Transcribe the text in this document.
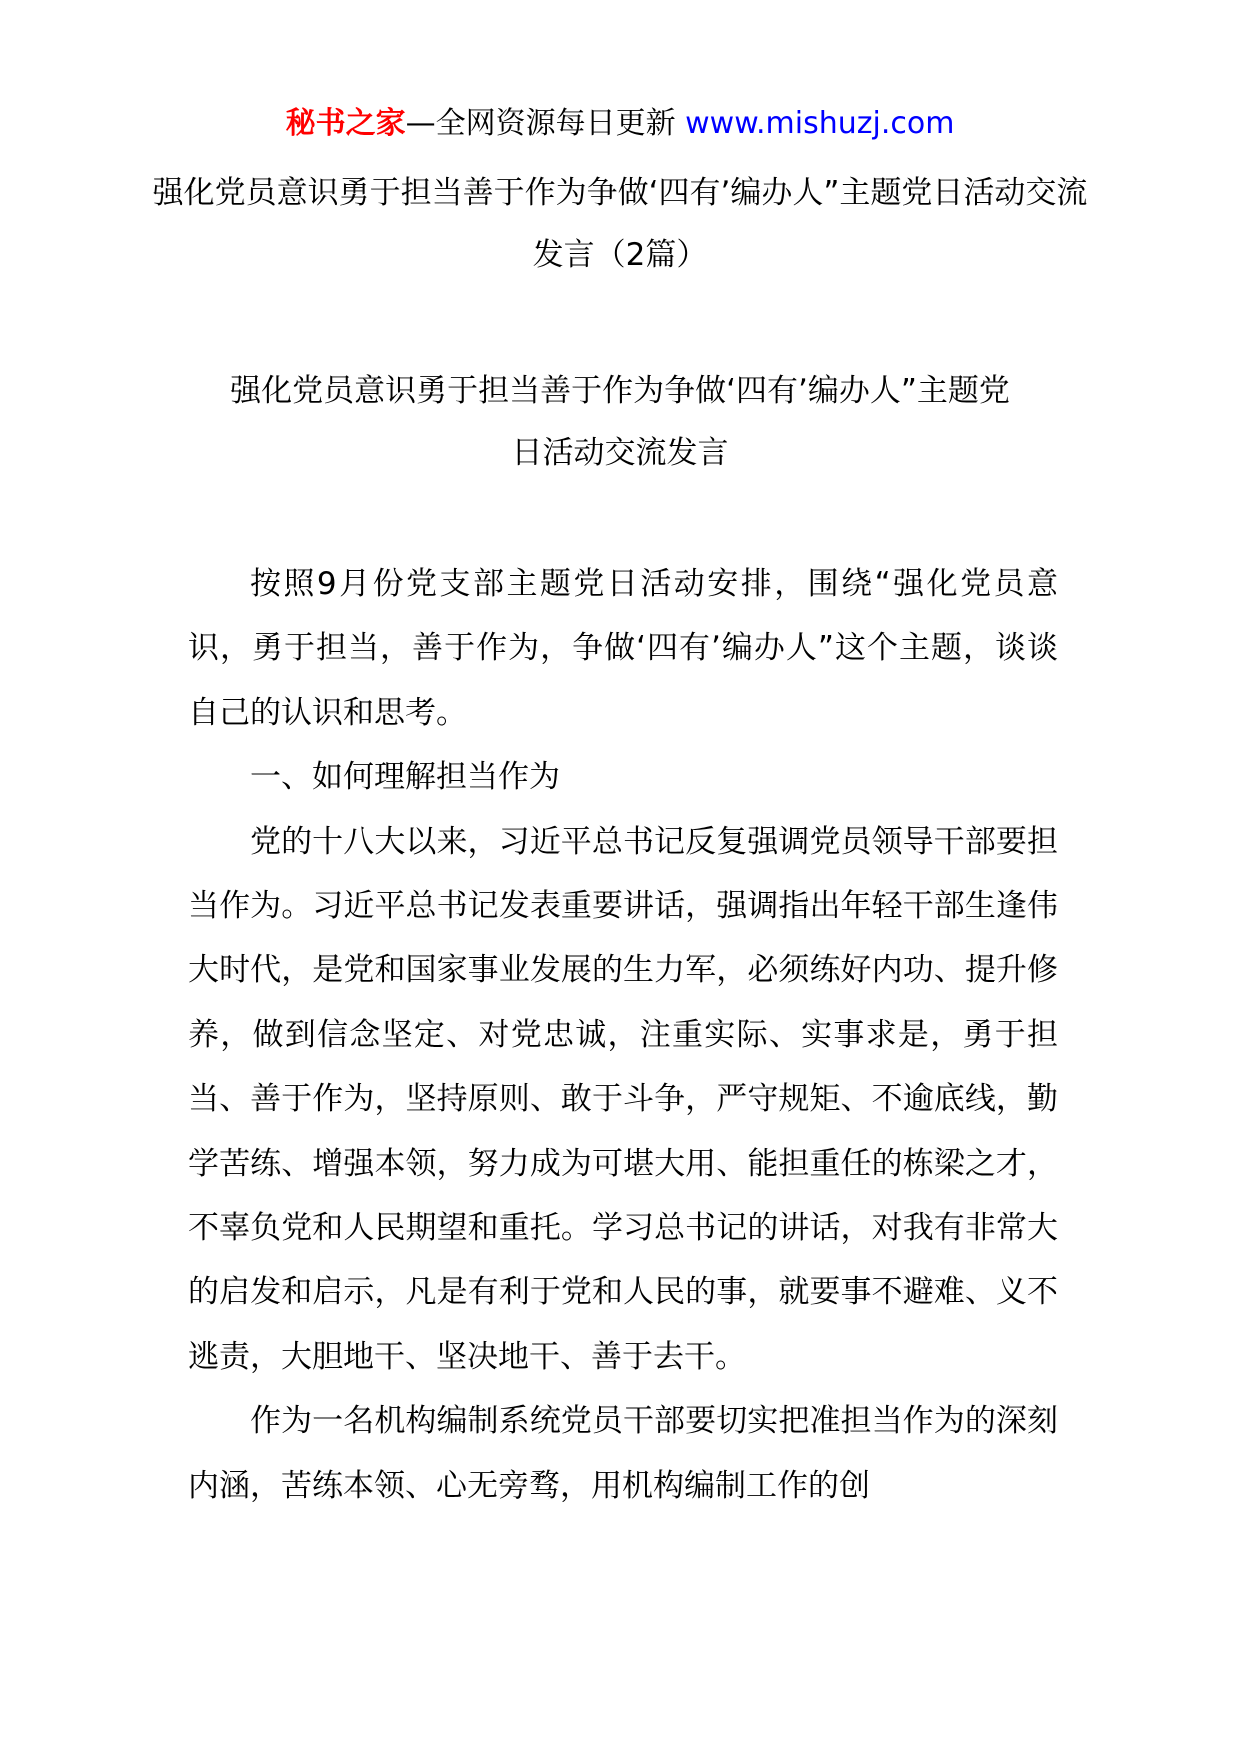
秘书之家—全网资源每日更新 www.mishuzj.com
强化党员意识勇于担当善于作为争做‘四有’编办人”主题党日活动交流发言（2篇）
强化党员意识勇于担当善于作为争做‘四有’编办人”主题党日活动交流发言

按照9月份党支部主题党日活动安排，围绕“强化党员意识，勇于担当，善于作为，争做‘四有’编办人”这个主题，谈谈自己的认识和思考。

一、如何理解担当作为

党的十八大以来，习近平总书记反复强调党员领导干部要担当作为。习近平总书记发表重要讲话，强调指出年轻干部生逢伟大时代，是党和国家事业发展的生力军，必须练好内功、提升修养，做到信念坚定、对党忠诚，注重实际、实事求是，勇于担当、善于作为，坚持原则、敢于斗争，严守规矩、不逾底线，勤学苦练、增强本领，努力成为可堪大用、能担重任的栋梁之才，不辜负党和人民期望和重托。学习总书记的讲话，对我有非常大的启发和启示，凡是有利于党和人民的事，就要事不避难、义不逃责，大胆地干、坚决地干、善于去干。

作为一名机构编制系统党员干部要切实把准担当作为的深刻内涵，苦练本领、心无旁骛，用机构编制工作的创
